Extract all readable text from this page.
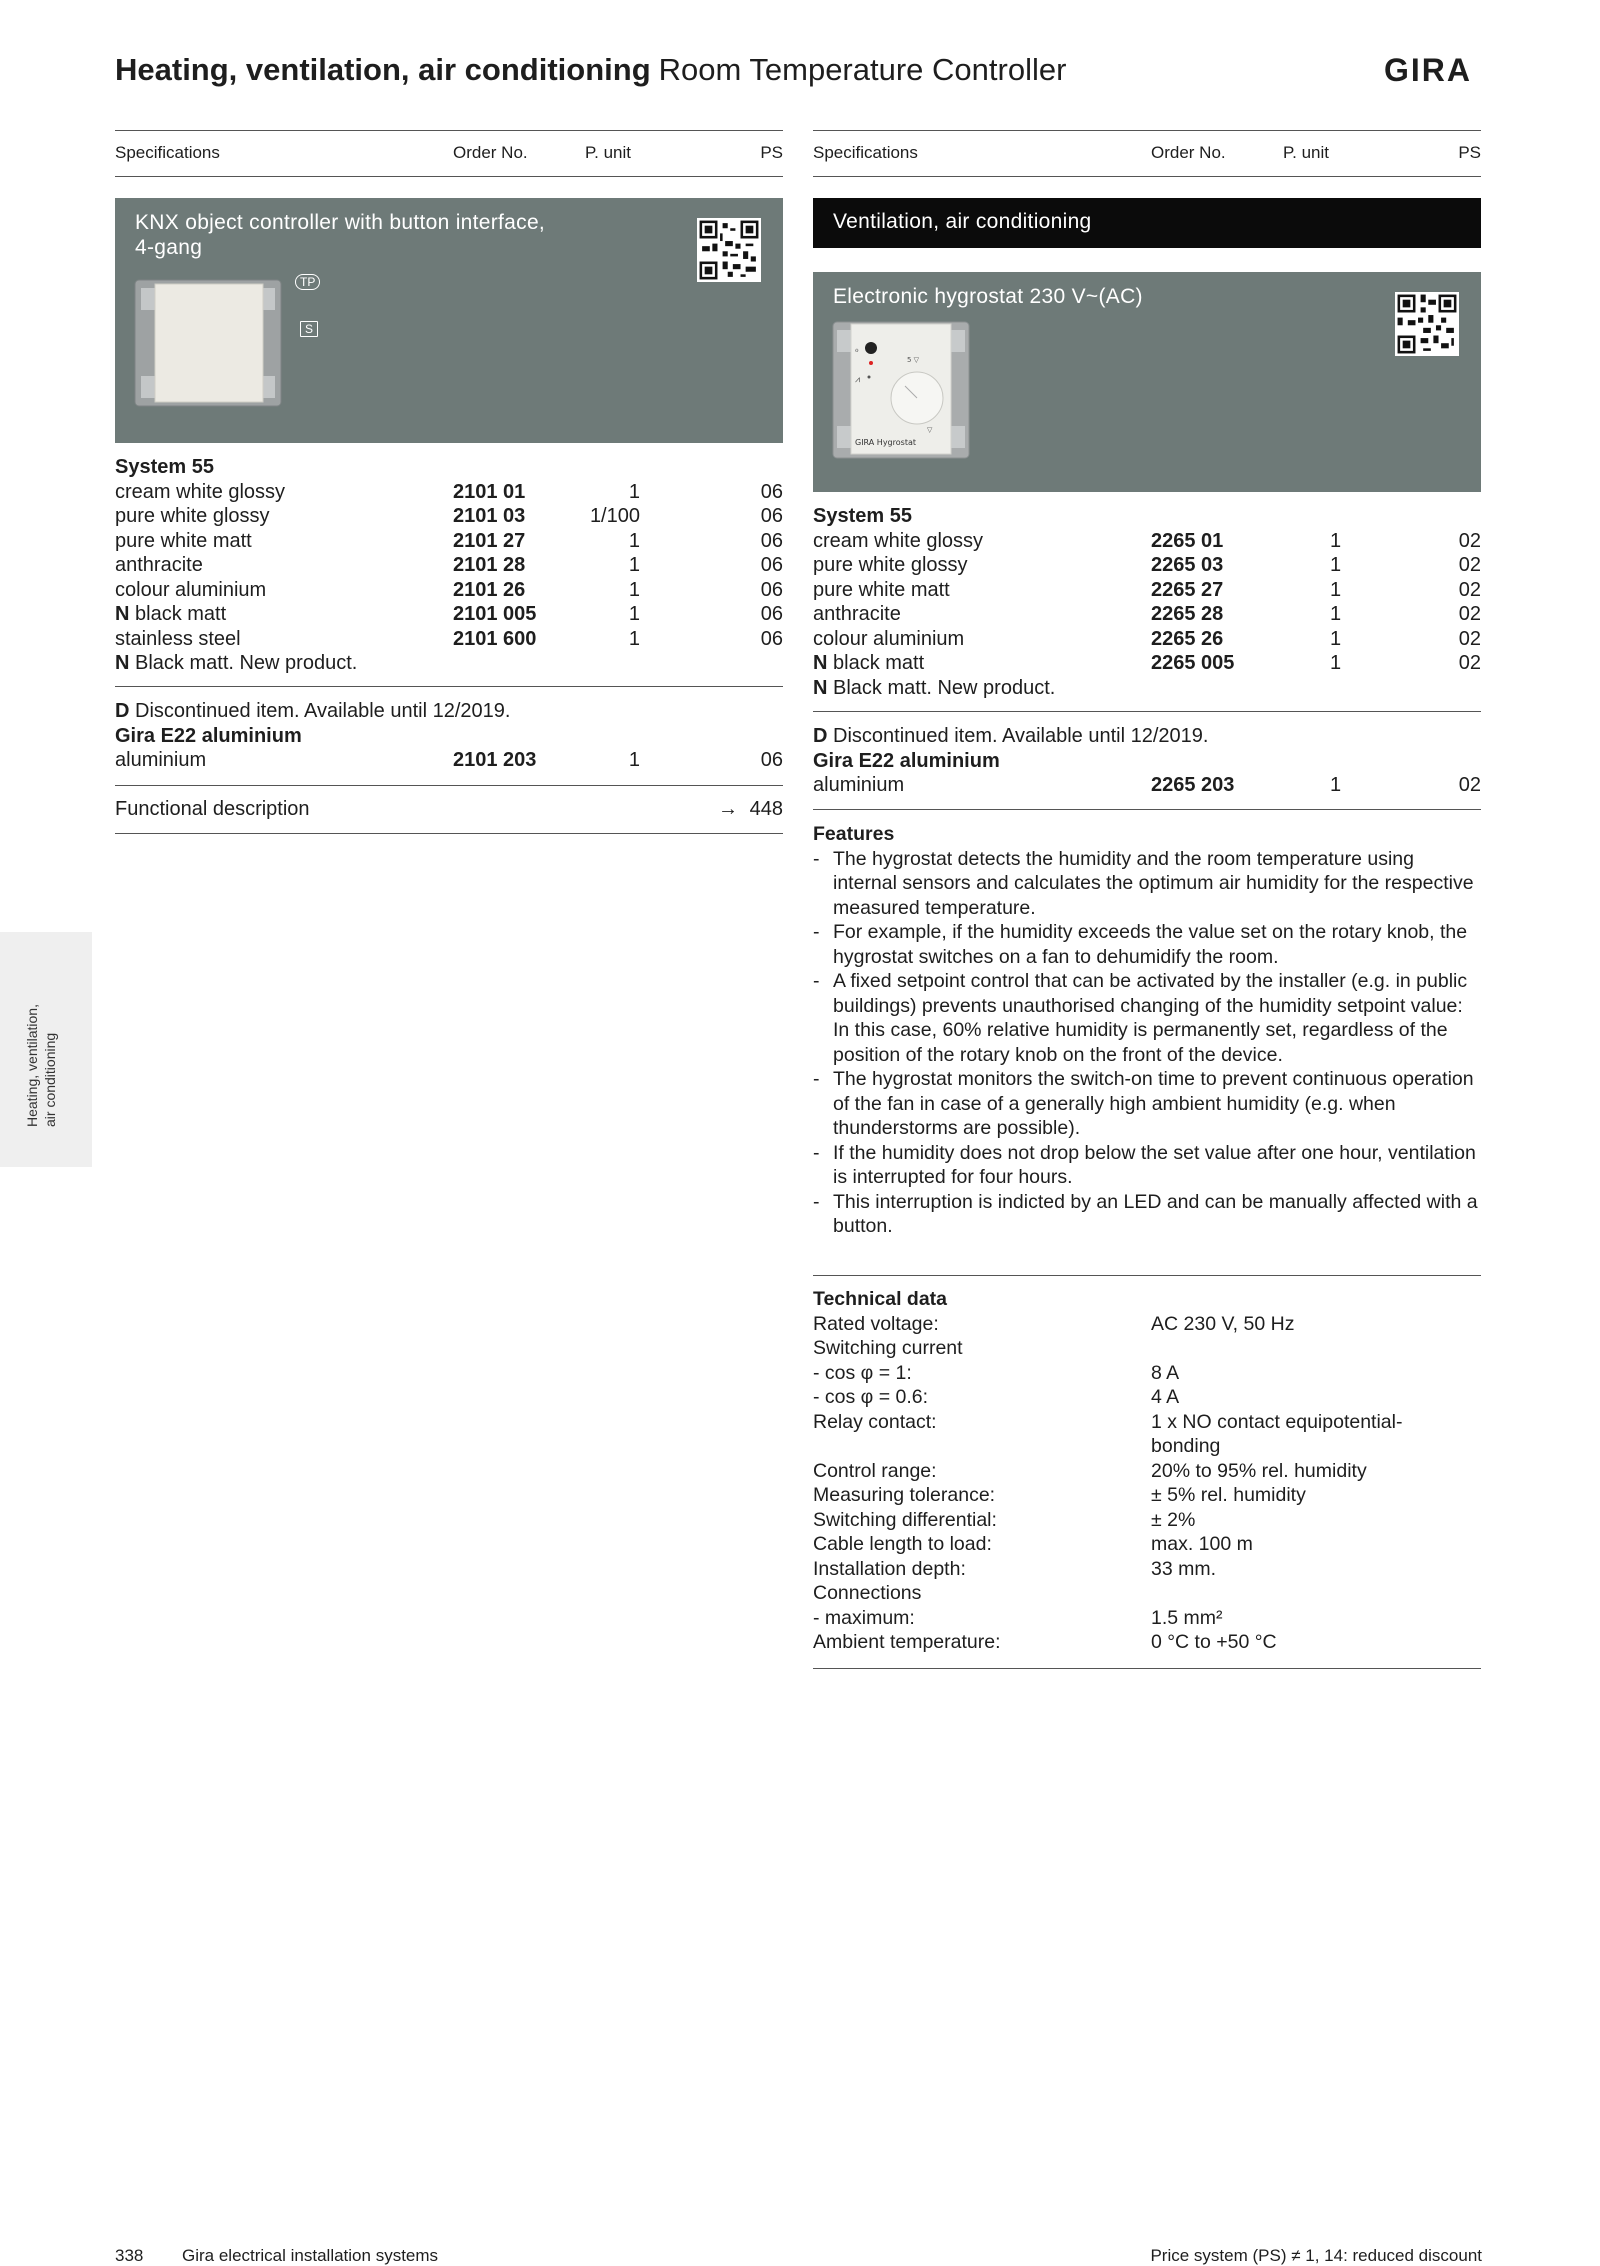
Heating, ventilation, air conditioning Room Temperature Controller	GIRA
Specifications	Order No.	P. unit	PS
KNX object controller with button interface,
4-gang
TP
S
System 55
cream white glossy	2101 01	1	06
pure white glossy	2101 03	1/100	06
pure white matt	2101 27	1	06
anthracite	2101 28	1	06
colour aluminium	2101 26	1	06
N black matt	2101 005	1	06
stainless steel	2101 600	1	06
N Black matt. New product.
D Discontinued item. Available until 12/2019.
Gira E22 aluminium
aluminium	2101 203	1	06
Functional description	→ 448
Specifications	Order No.	P. unit	PS
Ventilation, air conditioning
Electronic hygrostat 230 V~(AC)
ℴ
⩘
5 ▽
▽
GIRA Hygrostat
System 55
cream white glossy	2265 01	1	02
pure white glossy	2265 03	1	02
pure white matt	2265 27	1	02
anthracite	2265 28	1	02
colour aluminium	2265 26	1	02
N black matt	2265 005	1	02
N Black matt. New product.
D Discontinued item. Available until 12/2019.
Gira E22 aluminium
aluminium	2265 203	1	02
Features
- The hygrostat detects the humidity and the room temperature using internal sensors and calculates the optimum air humidity for the respective measured temperature.
- For example, if the humidity exceeds the value set on the rotary knob, the hygrostat switches on a fan to dehumidify the room.
- A fixed setpoint control that can be activated by the installer (e.g. in public buildings) prevents unauthorised changing of the humidity setpoint value: In this case, 60% relative humidity is permanently set, regardless of the position of the rotary knob on the front of the device.
- The hygrostat monitors the switch-on time to prevent continuous operation of the fan in case of a generally high ambient humidity (e.g. when thunderstorms are possible).
- If the humidity does not drop below the set value after one hour, ventilation is interrupted for four hours.
- This interruption is indicted by an LED and can be manually affected with a button.
Technical data
Rated voltage:	AC 230 V, 50 Hz
Switching current
- cos φ = 1:	8 A
- cos φ = 0.6:	4 A
Relay contact:	1 x NO contact equipotential-
bonding
Control range:	20% to 95% rel. humidity
Measuring tolerance:	± 5% rel. humidity
Switching differential:	± 2%
Cable length to load:	max. 100 m
Installation depth:	33 mm.
Connections
- maximum:	1.5 mm²
Ambient temperature:	0 °C to +50 °C
Heating, ventilation, air conditioning
338 Gira electrical installation systems	Price system (PS) ≠ 1, 14: reduced discount
